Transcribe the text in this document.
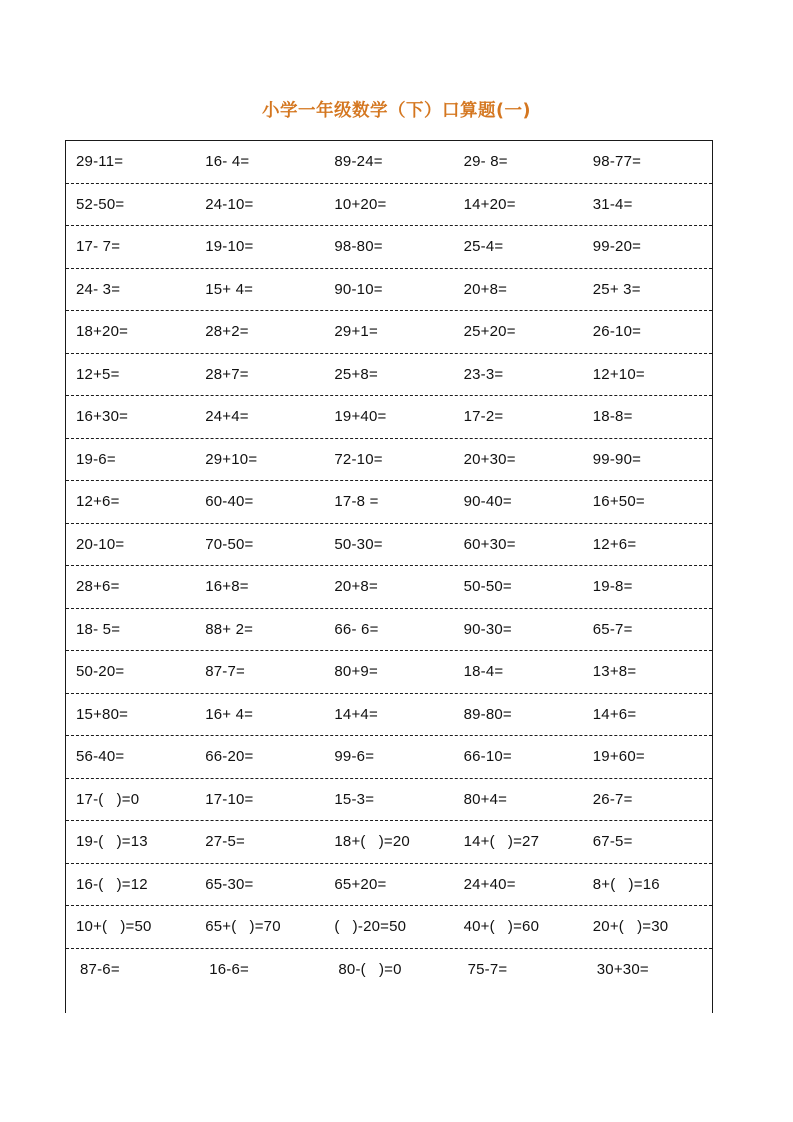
小学一年级数学（下）口算题(一)
29-11=	16- 4=	89-24=	29- 8=	98-77=
52-50=	24-10=	10+20=	14+20=	31-4=
17- 7=	19-10=	98-80=	25-4=	99-20=
24- 3=	15+ 4=	90-10=	20+8=	25+ 3=
18+20=	28+2=	29+1=	25+20=	26-10=
12+5=	28+7=	25+8=	23-3=	12+10=
16+30=	24+4=	19+40=	17-2=	18-8=
19-6=	29+10=	72-10=	20+30=	99-90=
12+6=	60-40=	17-8 =	90-40=	16+50=
20-10=	70-50=	50-30=	60+30=	12+6=
28+6=	16+8=	20+8=	50-50=	19-8=
18- 5=	88+ 2=	66- 6=	90-30=	65-7=
50-20=	87-7=	80+9=	18-4=	13+8=
15+80=	16+ 4=	14+4=	89-80=	14+6=
56-40=	66-20=	99-6=	66-10=	19+60=
17-(   )=0	17-10=	15-3=	80+4=	26-7=
19-(   )=13	27-5=	18+(   )=20	14+(   )=27	67-5=
16-(   )=12	65-30=	65+20=	24+40=	8+(   )=16
10+(   )=50	65+(   )=70	(   )-20=50	40+(   )=60	20+(   )=30
87-6=	16-6=	80-(   )=0	75-7=	30+30=
